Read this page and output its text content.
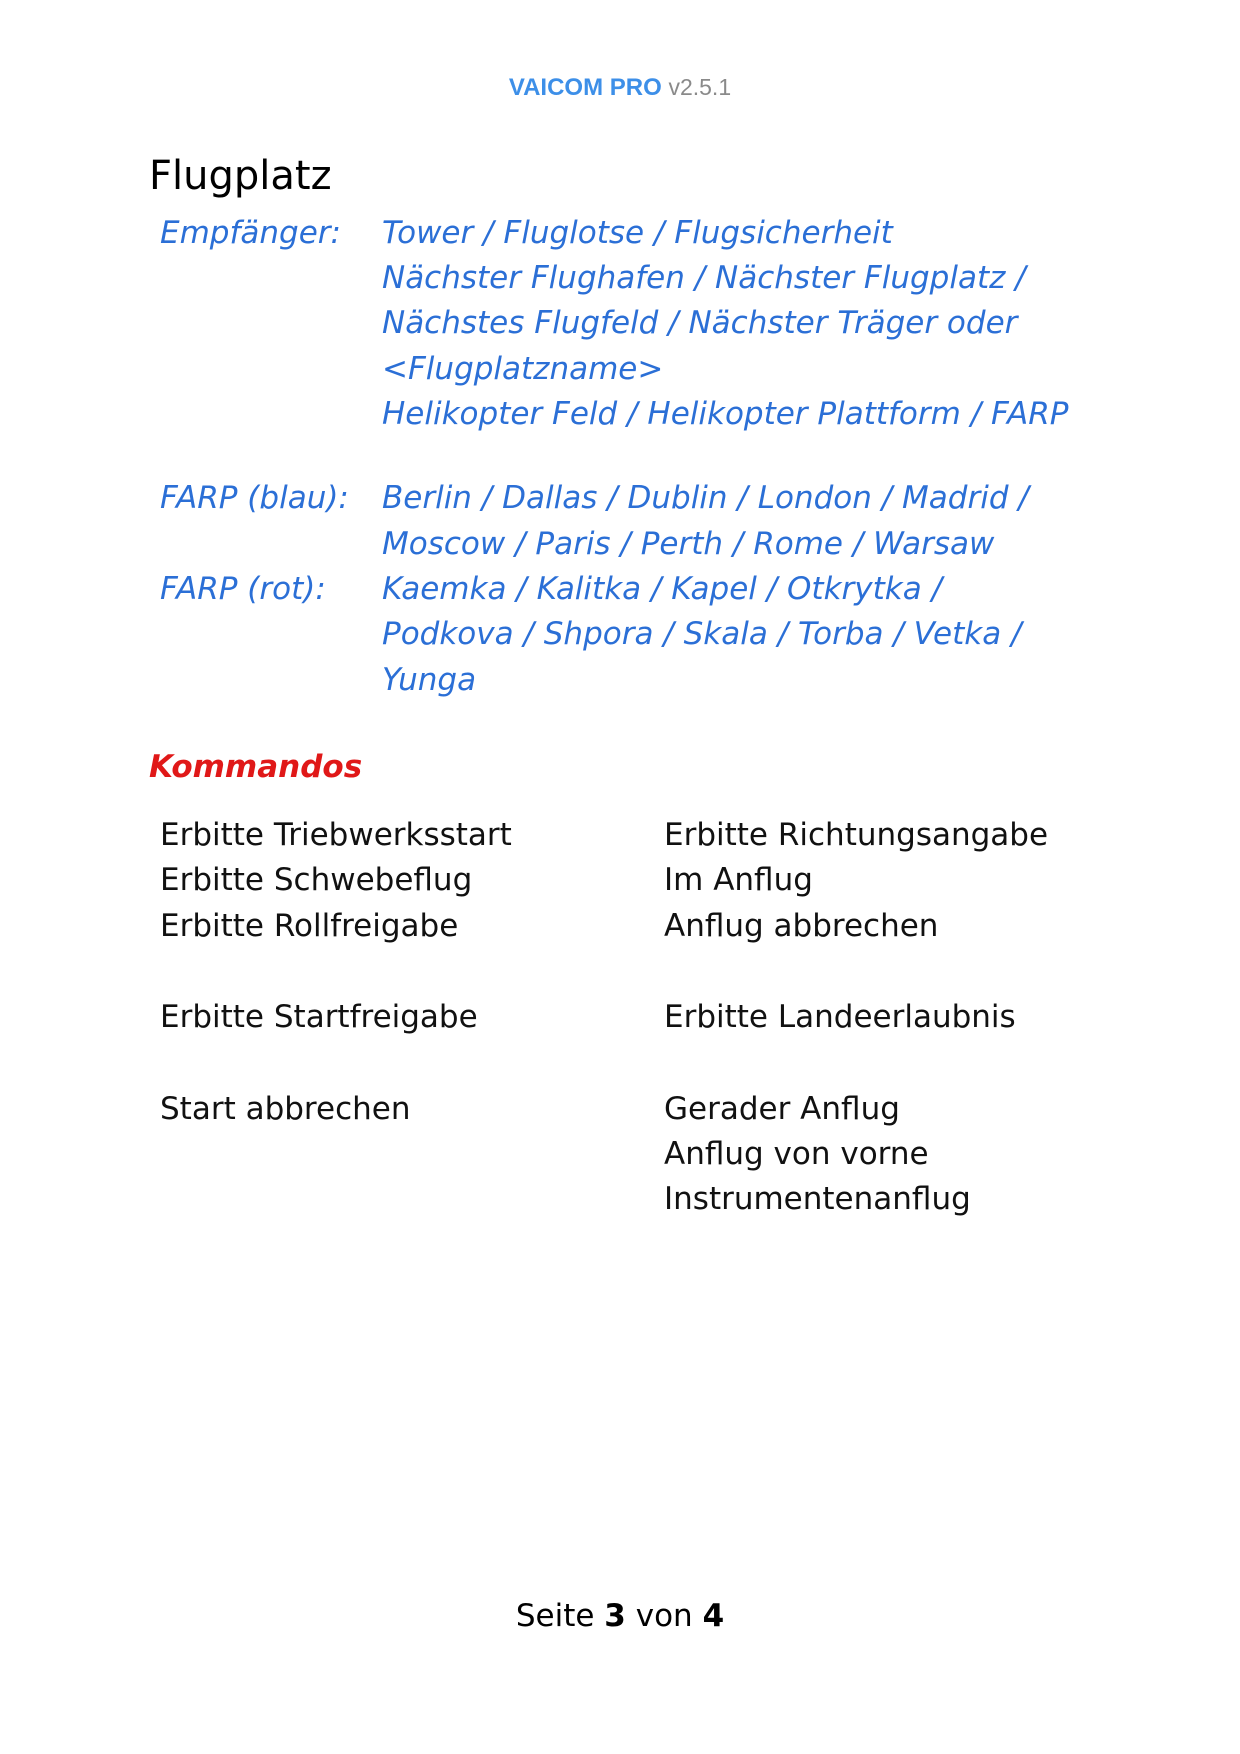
VAICOM PRO v2.5.1
Flugplatz
Empfänger: Tower / Fluglotse / Flugsicherheit
Nächster Flughafen / Nächster Flugplatz /
Nächstes Flugfeld / Nächster Träger oder
<Flugplatzname>
Helikopter Feld / Helikopter Plattform / FARP
FARP (blau): Berlin / Dallas / Dublin / London / Madrid /
Moscow / Paris / Perth / Rome / Warsaw
FARP (rot): Kaemka / Kalitka / Kapel / Otkrytka /
Podkova / Shpora / Skala / Torba / Vetka /
Yunga
Kommandos
Erbitte Triebwerksstart
Erbitte Schwebeflug
Erbitte Rollfreigabe
Erbitte Startfreigabe
Start abbrechen
Erbitte Richtungsangabe
Im Anflug
Anflug abbrechen
Erbitte Landeerlaubnis
Gerader Anflug
Anflug von vorne
Instrumentenanflug
Seite 3 von 4
